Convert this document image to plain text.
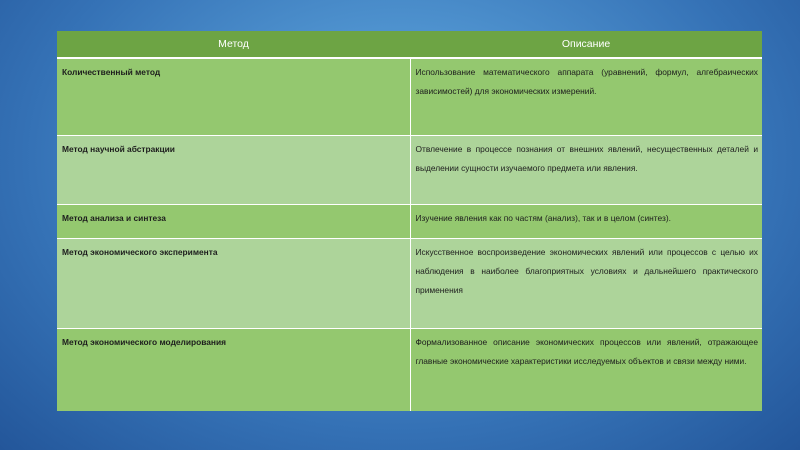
Метод	Описание
Количественный метод	Использование математического аппарата (уравнений, формул, алгебраических зависимостей) для экономических измерений.
Метод научной абстракции	Отвлечение в процессе познания от внешних явлений, несущественных деталей и выделении сущности изучаемого предмета или явления.
Метод анализа и синтеза	Изучение явления как по частям (анализ), так и в целом (синтез).
Метод экономического эксперимента	Искусственное воспроизведение экономических явлений или процессов с целью их наблюдения в наиболее благоприятных условиях и дальнейшего практического применения
Метод экономического моделирования	Формализованное описание экономических процессов или явлений, отражающее главные экономические характеристики исследуемых объектов и связи между ними.
